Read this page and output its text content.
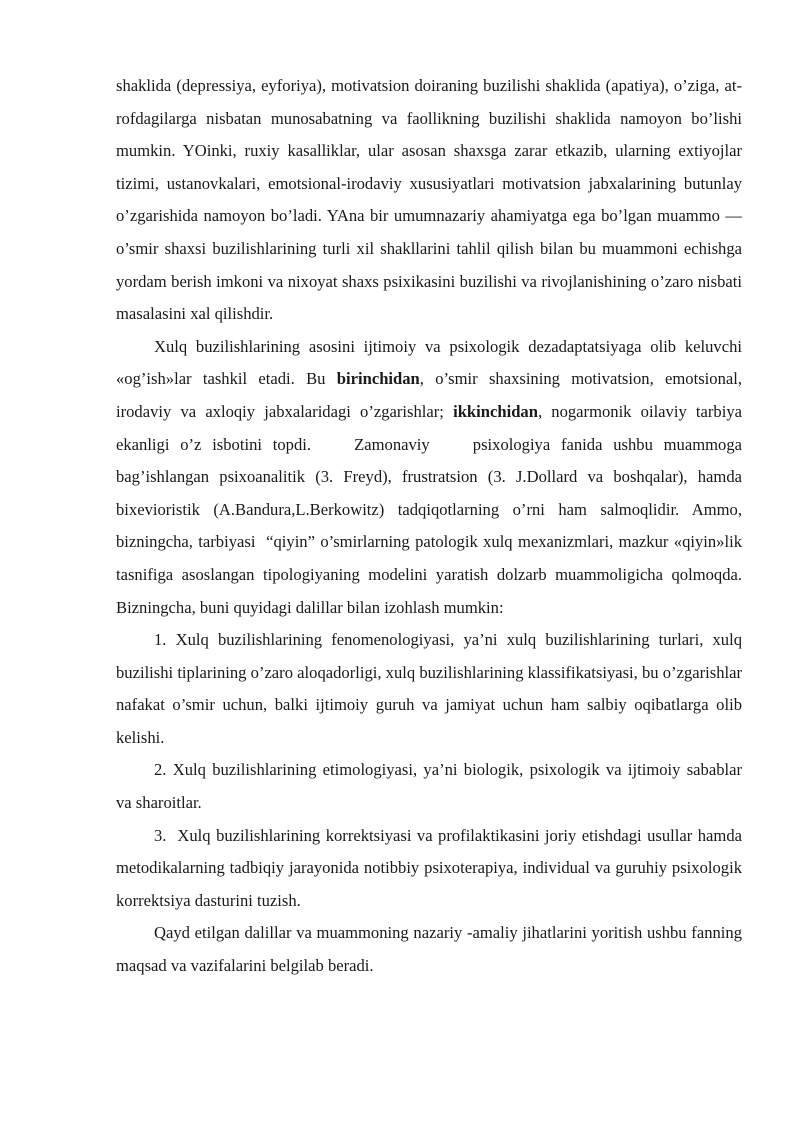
shaklida (depressiya, eyforiya), motivatsion doiraning buzilishi shaklida (apatiya), o’ziga, at-rofdagilarga nisbatan munosabatning va faollikning buzilishi shaklida namoyon bo’lishi mumkin. YOinki, ruxiy kasalliklar, ular asosan shaxsga zarar etkazib, ularning extiyojlar tizimi, ustanovkalari, emotsional-irodaviy xususiyatlari motivatsion jabxalarining butunlay o’zgarishida namoyon bo’ladi. YAna bir umumnazariy ahamiyatga ega bo’lgan muammo — o’smir shaxsi buzilishlarining turli xil shakllarini tahlil qilish bilan bu muammoni echishga yordam berish imkoni va nixoyat shaxs psixikasini buzilishi va rivojlanishining o’zaro nisbati masalasini xal qilishdir.

Xulq buzilishlarining asosini ijtimoiy va psixologik dezadaptatsiyaga olib keluvchi «og’ish»lar tashkil etadi. Bu birinchidan, o’smir shaxsining motivatsion, emotsional, irodaviy va axloqiy jabxalaridagi o’zgarishlar; ikkinchidan, nogarmonik oilaviy tarbiya ekanligi o’z isbotini topdi.    Zamonaviy    psixologiya fanida ushbu muammoga bag’ishlangan psixoanalitik (3. Freyd), frustratsion (3. J.Dollard va boshqalar), hamda bixevioristik (A.Bandura,L.Berkowitz) tadqiqotlarning o’rni ham salmoqlidir. Ammo, bizningcha, tarbiyasi  “qiyin” o’smirlarning patologik xulq mexanizmlari, mazkur «qiyin»lik tasnifiga asoslangan tipologiyaning modelini yaratish dolzarb muammoligicha qolmoqda. Bizningcha, buni quyidagi dalillar bilan izohlash mumkin:

1. Xulq buzilishlarining fenomenologiyasi, ya’ni xulq buzilishlarining turlari, xulq buzilishi tiplarining o’zaro aloqadorligi, xulq buzilishlarining klassifikatsiyasi, bu o’zgarishlar nafakat o’smir uchun, balki ijtimoiy guruh va jamiyat uchun ham salbiy oqibatlarga olib kelishi.

2. Xulq buzilishlarining etimologiyasi, ya’ni biologik, psixologik va ijtimoiy sabablar va sharoitlar.

3.  Xulq buzilishlarining korrektsiyasi va profilaktikasini joriy etishdagi usullar hamda metodikalarning tadbiqiy jarayonida notibbiy psixoterapiya, individual va guruhiy psixologik korrektsiya dasturini tuzish.

Qayd etilgan dalillar va muammoning nazariy -amaliy jihatlarini yoritish ushbu fanning maqsad va vazifalarini belgilab beradi.
